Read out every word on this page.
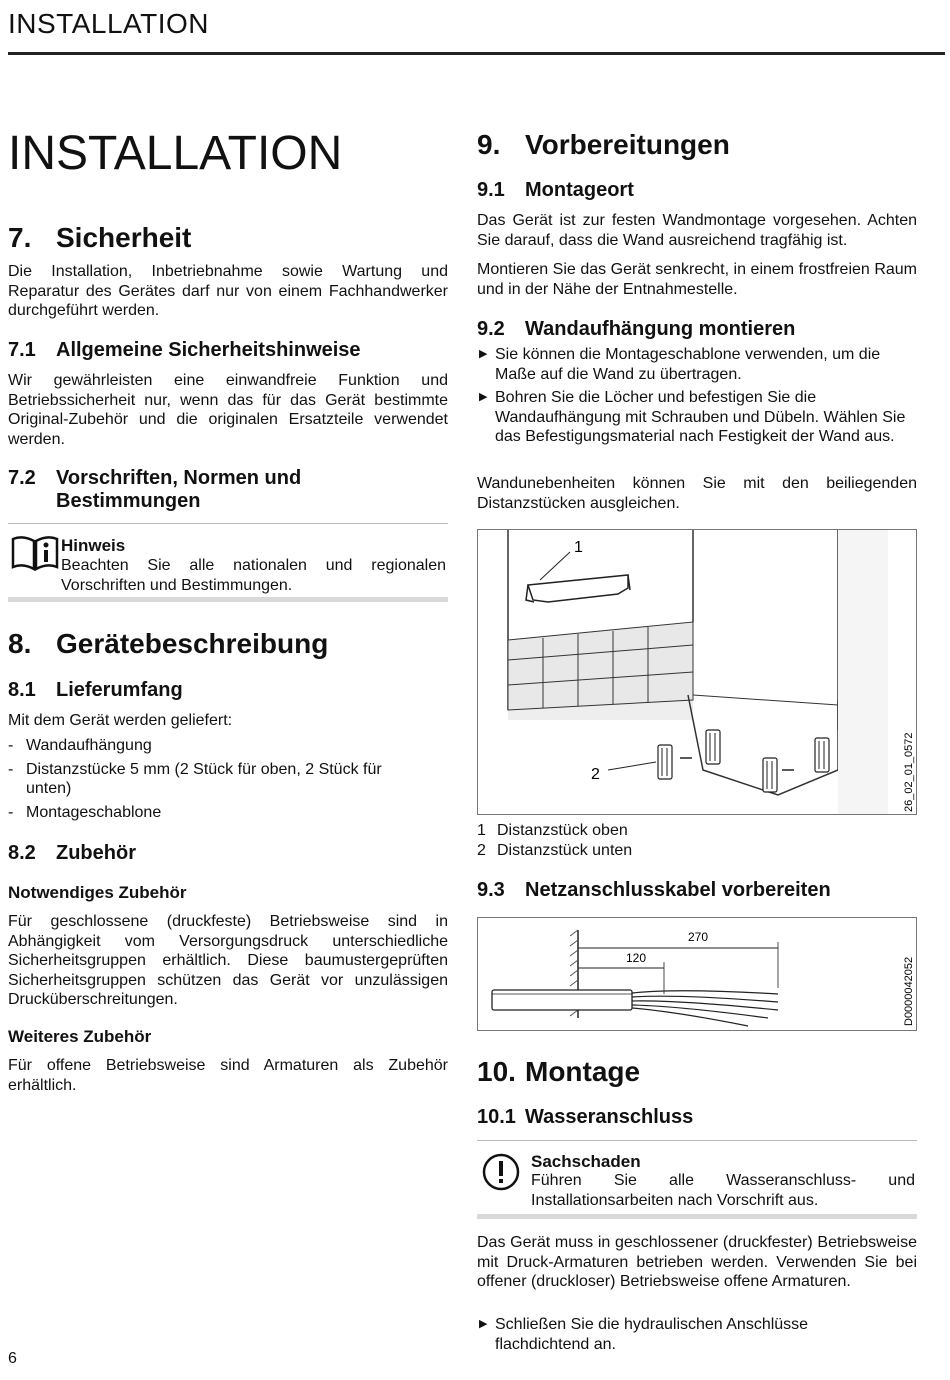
INSTALLATION
INSTALLATION
7. Sicherheit
Die Installation, Inbetriebnahme sowie Wartung und Reparatur des Gerätes darf nur von einem Fachhandwerker durchgeführt werden.
7.1 Allgemeine Sicherheitshinweise
Wir gewährleisten eine einwandfreie Funktion und Betriebssicherheit nur, wenn das für das Gerät bestimmte Original-Zubehör und die originalen Ersatzteile verwendet werden.
7.2 Vorschriften, Normen und
Bestimmungen
Hinweis
Beachten Sie alle nationalen und regionalen Vorschriften und Bestimmungen.
8. Gerätebeschreibung
8.1 Lieferumfang
Mit dem Gerät werden geliefert:
- Wandaufhängung
- Distanzstücke 5 mm (2 Stück für oben, 2 Stück für unten)
- Montageschablone
8.2 Zubehör
Notwendiges Zubehör
Für geschlossene (druckfeste) Betriebsweise sind in Abhängigkeit vom Versorgungsdruck unterschiedliche Sicherheitsgruppen erhältlich. Diese baumustergeprüften Sicherheitsgruppen schützen das Gerät vor unzulässigen Drucküberschreitungen.
Weiteres Zubehör
Für offene Betriebsweise sind Armaturen als Zubehör erhältlich.
9. Vorbereitungen
9.1 Montageort
Das Gerät ist zur festen Wandmontage vorgesehen. Achten Sie darauf, dass die Wand ausreichend tragfähig ist.
Montieren Sie das Gerät senkrecht, in einem frostfreien Raum und in der Nähe der Entnahmestelle.
9.2 Wandaufhängung montieren
▶ Sie können die Montageschablone verwenden, um die Maße auf die Wand zu übertragen.
▶ Bohren Sie die Löcher und befestigen Sie die Wandaufhängung mit Schrauben und Dübeln. Wählen Sie das Befestigungsmaterial nach Festigkeit der Wand aus.
Wandunebenheiten können Sie mit den beiliegenden Distanzstücken ausgleichen.
1
2	26_02_01_0572
1 Distanzstück oben
2 Distanzstück unten
9.3 Netzanschlusskabel vorbereiten
270
120	D0000042052
10. Montage
10.1 Wasseranschluss
Sachschaden
Führen Sie alle Wasseranschluss- und Installationsarbeiten nach Vorschrift aus.
Das Gerät muss in geschlossener (druckfester) Betriebsweise mit Druck-Armaturen betrieben werden. Verwenden Sie bei offener (druckloser) Betriebsweise offene Armaturen.
▶ Schließen Sie die hydraulischen Anschlüsse flachdichtend an.
6
